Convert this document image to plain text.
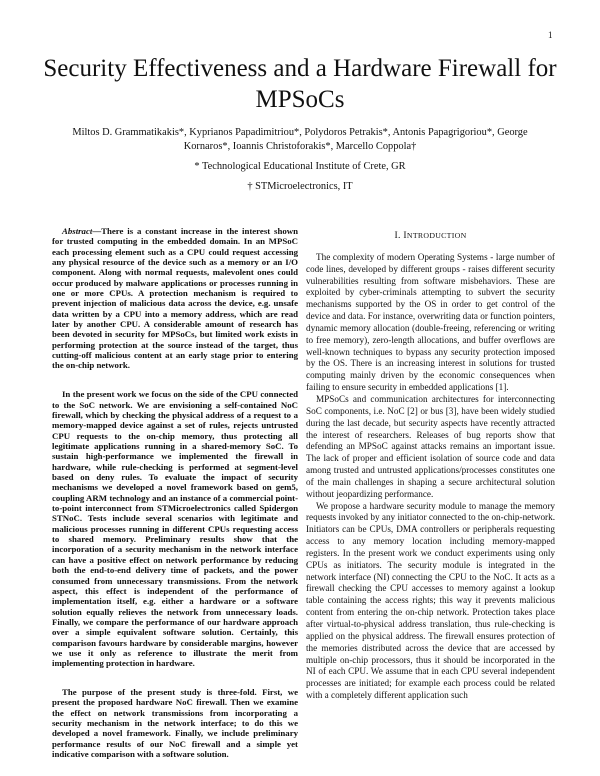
1
Security Effectiveness and a Hardware Firewall for MPSoCs
Miltos D. Grammatikakis*, Kyprianos Papadimitriou*, Polydoros Petrakis*, Antonis Papagrigoriou*, George Kornaros*, Ioannis Christoforakis*, Marcello Coppola†
* Technological Educational Institute of Crete, GR
† STMicroelectronics, IT

Abstract—There is a constant increase in the interest shown for trusted computing in the embedded domain. In an MPSoC each processing element such as a CPU could request accessing any physical resource of the device such as a memory or an I/O component. Along with normal requests, malevolent ones could occur produced by malware applications or processes running in one or more CPUs. A protection mechanism is required to prevent injection of malicious data across the device, e.g. unsafe data written by a CPU into a memory address, which are read later by another CPU. A considerable amount of research has been devoted in security for MPSoCs, but limited work exists in performing protection at the source instead of the target, thus cutting-off malicious content at an early stage prior to entering the on-chip network.

In the present work we focus on the side of the CPU connected to the SoC network. We are envisioning a self-contained NoC firewall, which by checking the physical address of a request to a memory-mapped device against a set of rules, rejects untrusted CPU requests to the on-chip memory, thus protecting all legitimate applications running in a shared-memory SoC. To sustain high-performance we implemented the firewall in hardware, while rule-checking is performed at segment-level based on deny rules. To evaluate the impact of security mechanisms we developed a novel framework based on gem5, coupling ARM technology and an instance of a commercial point-to-point interconnect from STMicroelectronics called Spidergon STNoC. Tests include several scenarios with legitimate and malicious processes running in different CPUs requesting access to shared memory. Preliminary results show that the incorporation of a security mechanism in the network interface can have a positive effect on network performance by reducing both the end-to-end delivery time of packets, and the power consumed from unnecessary transmissions. From the network aspect, this effect is independent of the performance of implementation itself, e.g. either a hardware or a software solution equally relieves the network from unnecessary loads. Finally, we compare the performance of our hardware approach over a simple equivalent software solution. Certainly, this comparison favours hardware by considerable margins, however we use it only as reference to illustrate the merit from implementing protection in hardware.

The purpose of the present study is three-fold. First, we present the proposed hardware NoC firewall. Then we examine the effect on network transmissions from incorporating a security mechanism in the network interface; to do this we developed a novel framework. Finally, we include preliminary performance results of our NoC firewall and a simple yet indicative comparison with a software solution.

I. INTRODUCTION

The complexity of modern Operating Systems - large number of code lines, developed by different groups - raises different security vulnerabilities resulting from software misbehaviors. These are exploited by cyber-criminals attempting to subvert the security mechanisms supported by the OS in order to get control of the device and data. For instance, overwriting data or function pointers, dynamic memory allocation (double-freeing, referencing or writing to free memory), zero-length allocations, and buffer overflows are well-known techniques to bypass any security protection imposed by the OS. There is an increasing interest in solutions for trusted computing mainly driven by the economic consequences when failing to ensure security in embedded applications [1].

MPSoCs and communication architectures for interconnecting SoC components, i.e. NoC [2] or bus [3], have been widely studied during the last decade, but security aspects have recently attracted the interest of researchers. Releases of bug reports show that defending an MPSoC against attacks remains an important issue. The lack of proper and efficient isolation of source code and data among trusted and untrusted applications/processes constitutes one of the main challenges in shaping a secure architectural solution without jeopardizing performance.

We propose a hardware security module to manage the memory requests invoked by any initiator connected to the on-chip-network. Initiators can be CPUs, DMA controllers or peripherals requesting access to any memory location including memory-mapped registers. In the present work we conduct experiments using only CPUs as initiators. The security module is integrated in the network interface (NI) connecting the CPU to the NoC. It acts as a firewall checking the CPU accesses to memory against a lookup table containing the access rights; this way it prevents malicious content from entering the on-chip network. Protection takes place after virtual-to-physical address translation, thus rule-checking is applied on the physical address. The firewall ensures protection of the memories distributed across the device that are accessed by multiple on-chip processors, thus it should be incorporated in the NI of each CPU. We assume that in each CPU several independent processes are initiated; for example each process could be related with a completely different application such
